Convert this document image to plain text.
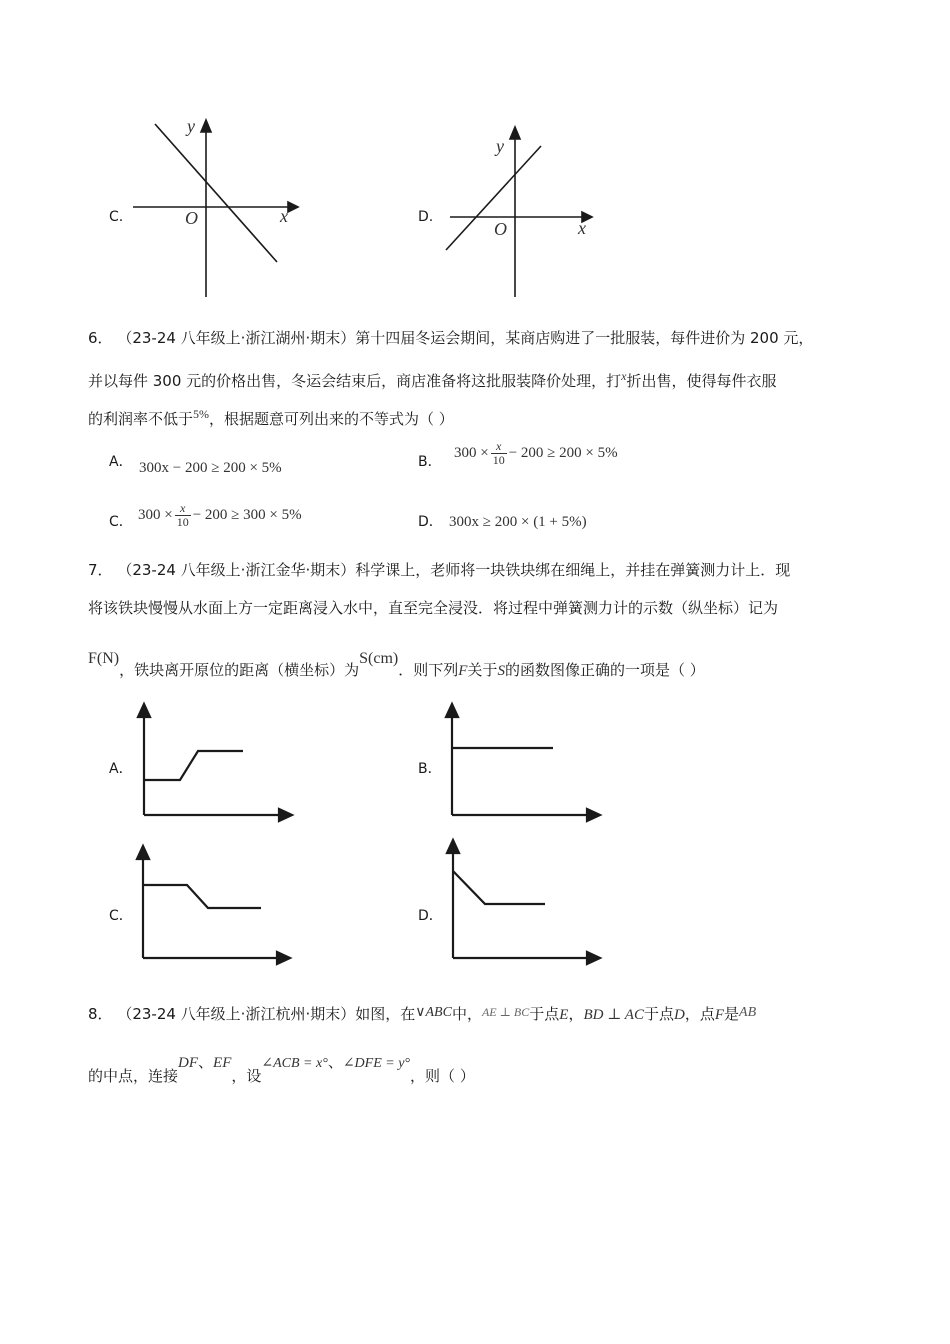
C.
y
x
O	D.
y
x
O
6． （23-24 八年级上·浙江湖州·期末）第十四届冬运会期间，某商店购进了一批服装，每件进价为 200 元，
并以每件 300 元的价格出售，冬运会结束后，商店准备将这批服装降价处理，打$^x$折出售，使得每件衣服
的利润率不低于$^{5\%}$，根据题意可列出来的不等式为（ ）
A． 300x − 200 ≥ 200 × 5%	B．
$300 \times \frac{x}{10} - 200 \ge 200 \times 5\%$
C． $300 \times \frac{x}{10} - 200 \ge 300 \times 5\%$	D． 300x ≥ 200 × (1 + 5%)
7． （23-24 八年级上·浙江金华·期末）科学课上，老师将一块铁块绑在细绳上，并挂在弹簧测力计上．现
将该铁块慢慢从水面上方一定距离浸入水中，直至完全浸没．将过程中弹簧测力计的示数（纵坐标）记为
F(N)，铁块离开原位的距离（横坐标）为S(cm)．则下列F关于S的函数图像正确的一项是（ ）
A．	B．
C．	D．
8． （23-24 八年级上·浙江杭州·期末）如图，在∨ABC中，$^{AE \perp BC}$于点E，BD ⊥ AC于点D，点F是AB
的中点，连接DF、EF，设∠ACB = x°、∠DFE = y°，则（ ）
